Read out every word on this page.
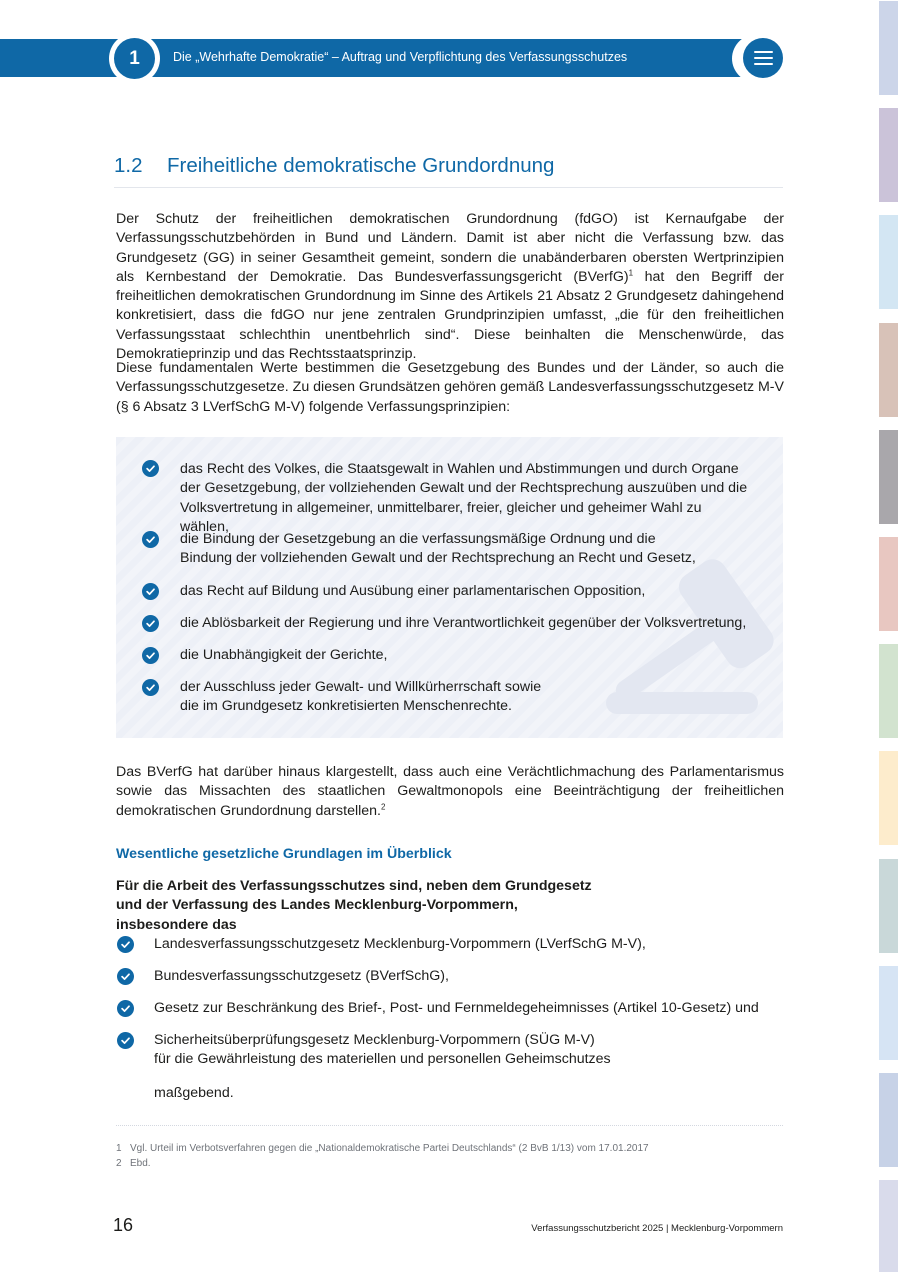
1	Die „Wehrhafte Demokratie“ – Auftrag und Verpflichtung des Verfassungsschutzes
1.2 Freiheitliche demokratische Grundordnung

Der Schutz der freiheitlichen demokratischen Grundordnung (fdGO) ist Kernaufgabe der Verfassungsschutzbehörden in Bund und Ländern. Damit ist aber nicht die Verfassung bzw. das Grundgesetz (GG) in seiner Gesamtheit gemeint, sondern die unabänderbaren obersten Wertprinzipien als Kernbestand der Demokratie. Das Bundesverfassungsgericht (BVerfG)$^1$ hat den Begriff der freiheitlichen demokratischen Grundordnung im Sinne des Artikels 21 Absatz 2 Grundgesetz dahingehend konkretisiert, dass die fdGO nur jene zentralen Grundprinzipien umfasst, „die für den freiheitlichen Verfassungsstaat schlechthin unentbehrlich sind“. Diese beinhalten die Menschenwürde, das Demokratieprinzip und das Rechtsstaatsprinzip.

Diese fundamentalen Werte bestimmen die Gesetzgebung des Bundes und der Länder, so auch die Verfassungsschutzgesetze. Zu diesen Grundsätzen gehören gemäß Landesverfassungsschutzgesetz M-V (§ 6 Absatz 3 LVerfSchG M-V) folgende Verfassungsprinzipien:

das Recht des Volkes, die Staatsgewalt in Wahlen und Abstimmungen und durch Organe der Gesetzgebung, der vollziehenden Gewalt und der Rechtsprechung auszuüben und die Volksvertretung in allgemeiner, unmittelbarer, freier, gleicher und geheimer Wahl zu wählen,
die Bindung der Gesetzgebung an die verfassungsmäßige Ordnung und die Bindung der vollziehenden Gewalt und der Rechtsprechung an Recht und Gesetz,
das Recht auf Bildung und Ausübung einer parlamentarischen Opposition,
die Ablösbarkeit der Regierung und ihre Verantwortlichkeit gegenüber der Volksvertretung,
die Unabhängigkeit der Gerichte,
der Ausschluss jeder Gewalt- und Willkürherrschaft sowie die im Grundgesetz konkretisierten Menschenrechte.

Das BVerfG hat darüber hinaus klargestellt, dass auch eine Verächtlichmachung des Parlamentarismus sowie das Missachten des staatlichen Gewaltmonopols eine Beeinträchtigung der freiheitlichen demokratischen Grundordnung darstellen.$^2$

Wesentliche gesetzliche Grundlagen im Überblick
Für die Arbeit des Verfassungsschutzes sind, neben dem Grundgesetz und der Verfassung des Landes Mecklenburg-Vorpommern, insbesondere das
Landesverfassungsschutzgesetz Mecklenburg-Vorpommern (LVerfSchG M-V),
Bundesverfassungsschutzgesetz (BVerfSchG),
Gesetz zur Beschränkung des Brief-, Post- und Fernmeldegeheimnisses (Artikel 10-Gesetz) und
Sicherheitsüberprüfungsgesetz Mecklenburg-Vorpommern (SÜG M-V) für die Gewährleistung des materiellen und personellen Geheimschutzes
maßgebend.
1 Vgl. Urteil im Verbotsverfahren gegen die „Nationaldemokratische Partei Deutschlands“ (2 BvB 1/13) vom 17.01.2017
2 Ebd.
16	Verfassungsschutzbericht 2025 | Mecklenburg-Vorpommern
